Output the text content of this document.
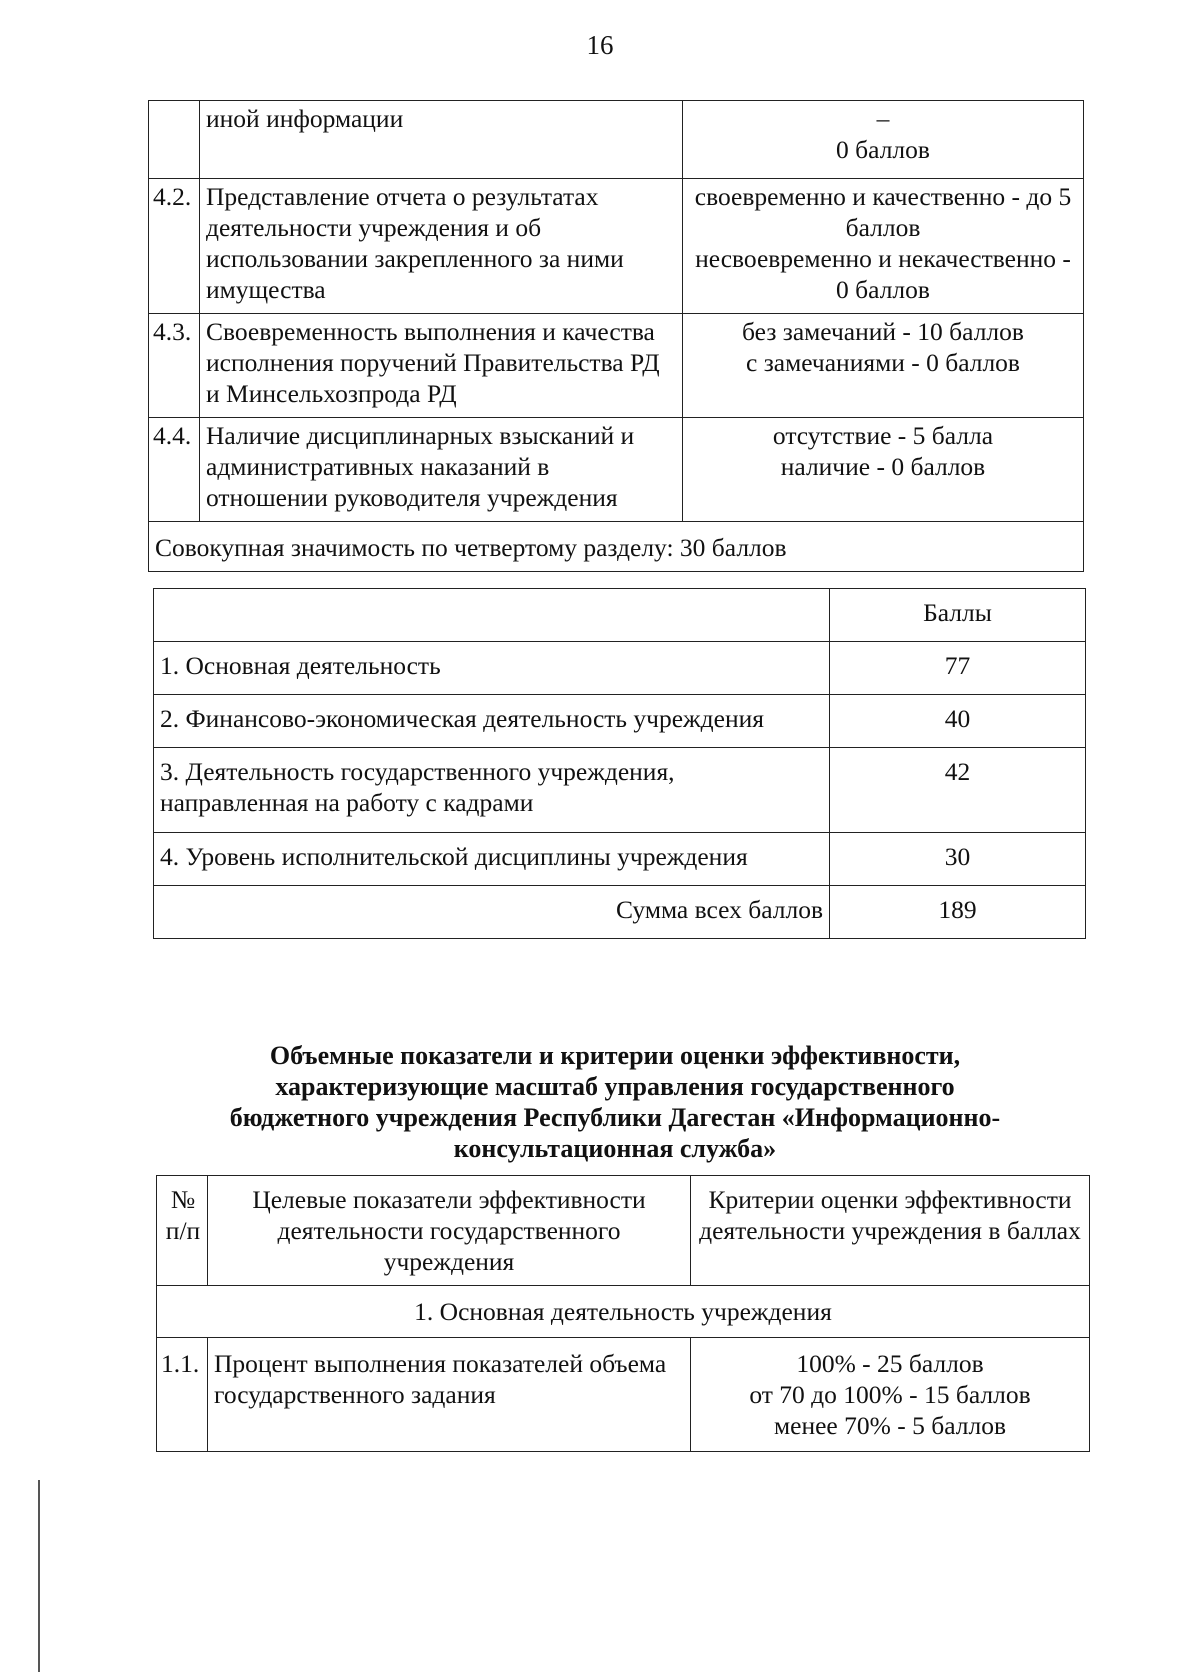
16
	иной информации	–
0 баллов

4.2.	Представление отчета о результатах деятельности учреждения и об использовании закрепленного за ними имущества	своевременно и качественно - до 5 баллов
несвоевременно и некачественно - 0 баллов

4.3.	Своевременность выполнения и качества исполнения поручений Правительства РД и Минсельхозпрода РД	без замечаний - 10 баллов
с замечаниями - 0 баллов

4.4.	Наличие дисциплинарных взысканий и административных наказаний в отношении руководителя учреждения	отсутствие - 5 балла
наличие - 0 баллов

Совокупная значимость по четвертому разделу: 30 баллов		
	Баллы
1. Основная деятельность	77
2. Финансово-экономическая деятельность учреждения	40
3. Деятельность государственного учреждения, направленная на работу с кадрами	42
4. Уровень исполнительской дисциплины учреждения	30
Сумма всех баллов	189
Объемные показатели и критерии оценки эффективности,
характеризующие масштаб управления государственного
бюджетного учреждения Республики Дагестан «Информационно-
консультационная служба»
№ п/п	Целевые показатели эффективности деятельности государственного учреждения	Критерии оценки эффективности деятельности учреждения в баллах
1. Основная деятельность учреждения		
1.1.	Процент выполнения показателей объема государственного задания	100% - 25 баллов
от 70 до 100% - 15 баллов
менее 70% - 5 баллов
